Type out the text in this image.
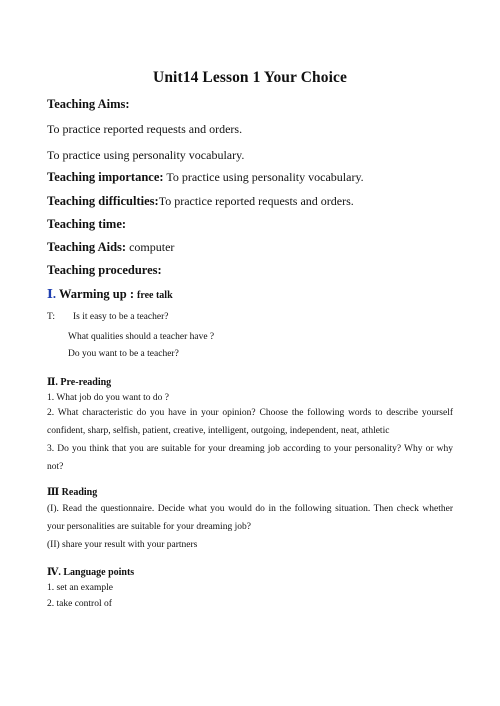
Unit14 Lesson 1 Your Choice
Teaching Aims:
To practice reported requests and orders.
To practice using personality vocabulary.
Teaching importance: To practice using personality vocabulary.
Teaching difficulties:To practice reported requests and orders.
Teaching time:
Teaching Aids: computer
Teaching procedures:
Ⅰ. Warming up : free talk
T: Is it easy to be a teacher?
What qualities should a teacher have ?
Do you want to be a teacher?
Ⅱ. Pre-reading
1. What job do you want to do ?
2. What characteristic do you have in your opinion? Choose the following words to describe yourself confident, sharp, selfish, patient, creative, intelligent, outgoing, independent, neat, athletic
3. Do you think that you are suitable for your dreaming job according to your personality? Why or why not?
Ⅲ Reading
(I). Read the questionnaire. Decide what you would do in the following situation. Then check whether your personalities are suitable for your dreaming job?
(II) share your result with your partners
Ⅳ. Language points
1. set an example
2. take control of
